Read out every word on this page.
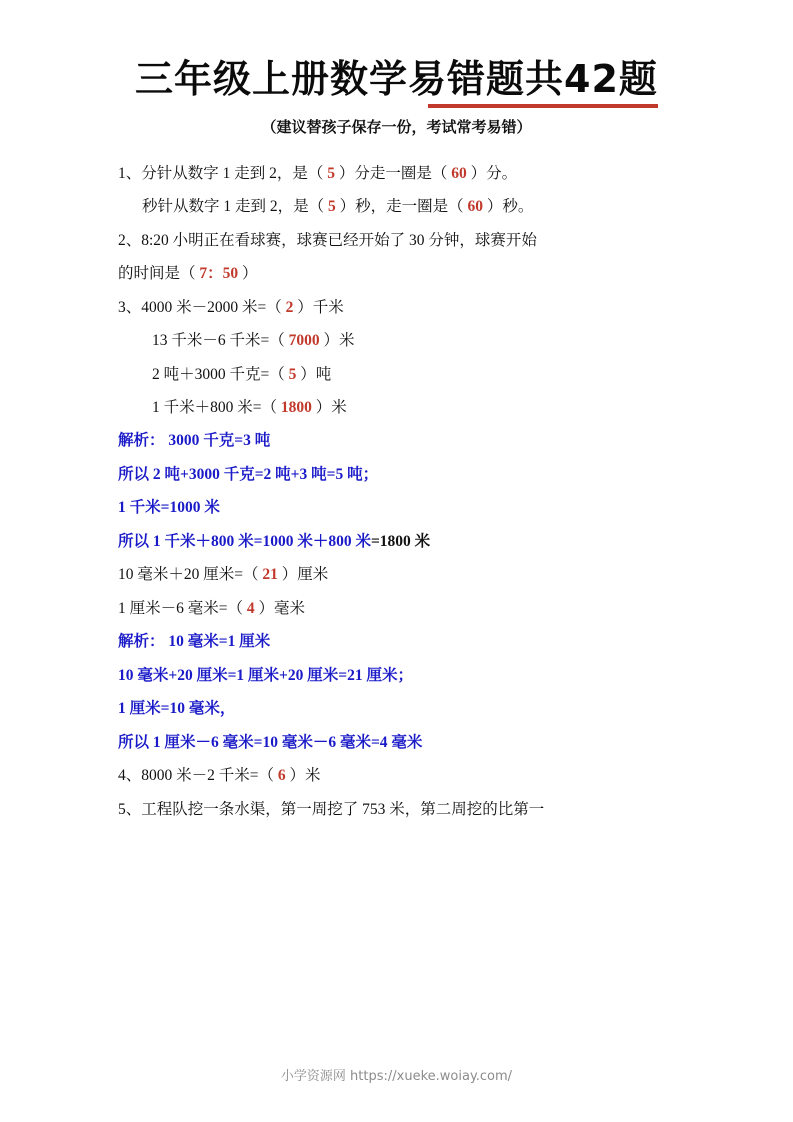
三年级上册数学易错题共42题
（建议替孩子保存一份，考试常考易错）

1、分针从数字 1 走到 2，是（ 5 ）分走一圈是（ 60 ）分。

秒针从数字 1 走到 2，是（ 5 ）秒，走一圈是（ 60 ）秒。

2、8:20 小明正在看球赛，球赛已经开始了 30 分钟，球赛开始

的时间是（ 7：50 ）

3、4000 米－2000 米=（ 2 ）千米

13 千米－6 千米=（ 7000 ）米

2 吨＋3000 千克=（ 5 ）吨

1 千米＋800 米=（ 1800 ）米

解析： 3000 千克=3 吨

所以 2 吨+3000 千克=2 吨+3 吨=5 吨；

1 千米=1000 米

所以 1 千米＋800 米=1000 米＋800 米=1800 米

10 毫米＋20 厘米=（ 21 ）厘米

1 厘米－6 毫米=（ 4 ）毫米

解析： 10 毫米=1 厘米

10 毫米+20 厘米=1 厘米+20 厘米=21 厘米；

1 厘米=10 毫米，

所以 1 厘米－6 毫米=10 毫米－6 毫米=4 毫米

4、8000 米－2 千米=（ 6 ）米

5、工程队挖一条水渠，第一周挖了 753 米，第二周挖的比第一

小学资源网 https://xueke.woiay.com/
